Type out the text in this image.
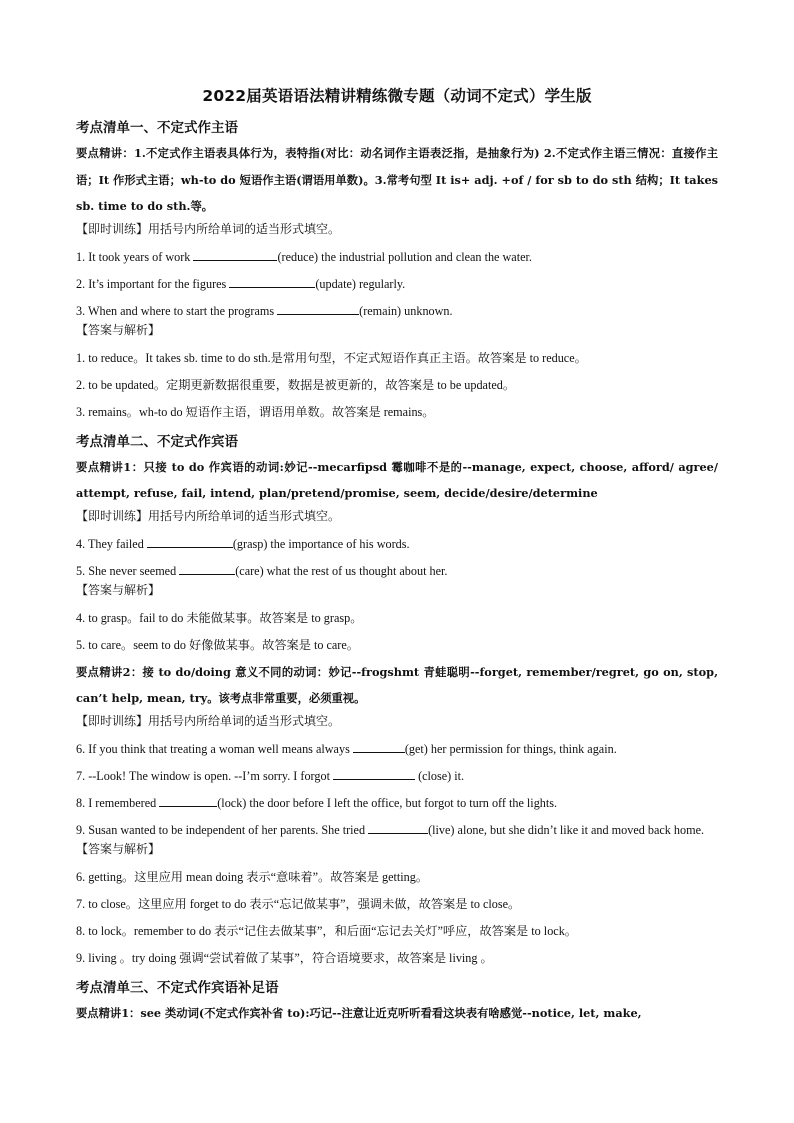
2022届英语语法精讲精练微专题（动词不定式）学生版
考点清单一、不定式作主语
要点精讲：1.不定式作主语表具体行为，表特指(对比：动名词作主语表泛指，是抽象行为) 2.不定式作主语三情况：直接作主语；It 作形式主语；wh-to do 短语作主语(谓语用单数)。3.常考句型 It is+ adj. +of / for sb to do sth 结构；It takes sb. time to do sth.等。
【即时训练】用括号内所给单词的适当形式填空。

1. It took years of work	(reduce) the industrial pollution and clean the water.

2. It’s important for the figures	(update) regularly.

3. When and where to start the programs	(remain) unknown.

【答案与解析】

1. to reduce。It takes sb. time to do sth.是常用句型，不定式短语作真正主语。故答案是 to reduce。

2. to be updated。定期更新数据很重要，数据是被更新的，故答案是 to be updated。

3. remains。wh-to do 短语作主语，谓语用单数。故答案是 remains。

考点清单二、不定式作宾语
要点精讲1：只接 to do 作宾语的动词:妙记--mecarfipsd 霉咖啡不是的--manage, expect, choose, afford/ agree/ attempt, refuse, fail, intend, plan/pretend/promise, seem, decide/desire/determine
【即时训练】用括号内所给单词的适当形式填空。

4. They failed	(grasp) the importance of his words.

5. She never seemed	(care) what the rest of us thought about her.

【答案与解析】

4. to grasp。fail to do 未能做某事。故答案是 to grasp。

5. to care。seem to do 好像做某事。故答案是 to care。

要点精讲2：接 to do/doing 意义不同的动词：妙记--frogshmt 青蛙聪明--forget, remember/regret, go on, stop, can’t help, mean, try。该考点非常重要，必须重视。
【即时训练】用括号内所给单词的适当形式填空。

6. If you think that treating a woman well means always	(get) her permission for things, think again.

7. --Look! The window is open. --I’m sorry. I forgot	(close) it.

8. I remembered	(lock) the door before I left the office, but forgot to turn off the lights.

9. Susan wanted to be independent of her parents. She tried	(live) alone, but she didn’t like it and moved back home.

【答案与解析】

6. getting。这里应用 mean doing 表示“意味着”。故答案是 getting。

7. to close。这里应用 forget to do 表示“忘记做某事”，强调未做，故答案是 to close。

8. to lock。remember to do 表示“记住去做某事”，和后面“忘记去关灯”呼应，故答案是 to lock。

9. living 。try doing 强调“尝试着做了某事”，符合语境要求，故答案是 living 。

考点清单三、不定式作宾语补足语
要点精讲1：see 类动词(不定式作宾补省 to):巧记--注意让近克听听看看这块表有啥感觉--notice, let, make,
